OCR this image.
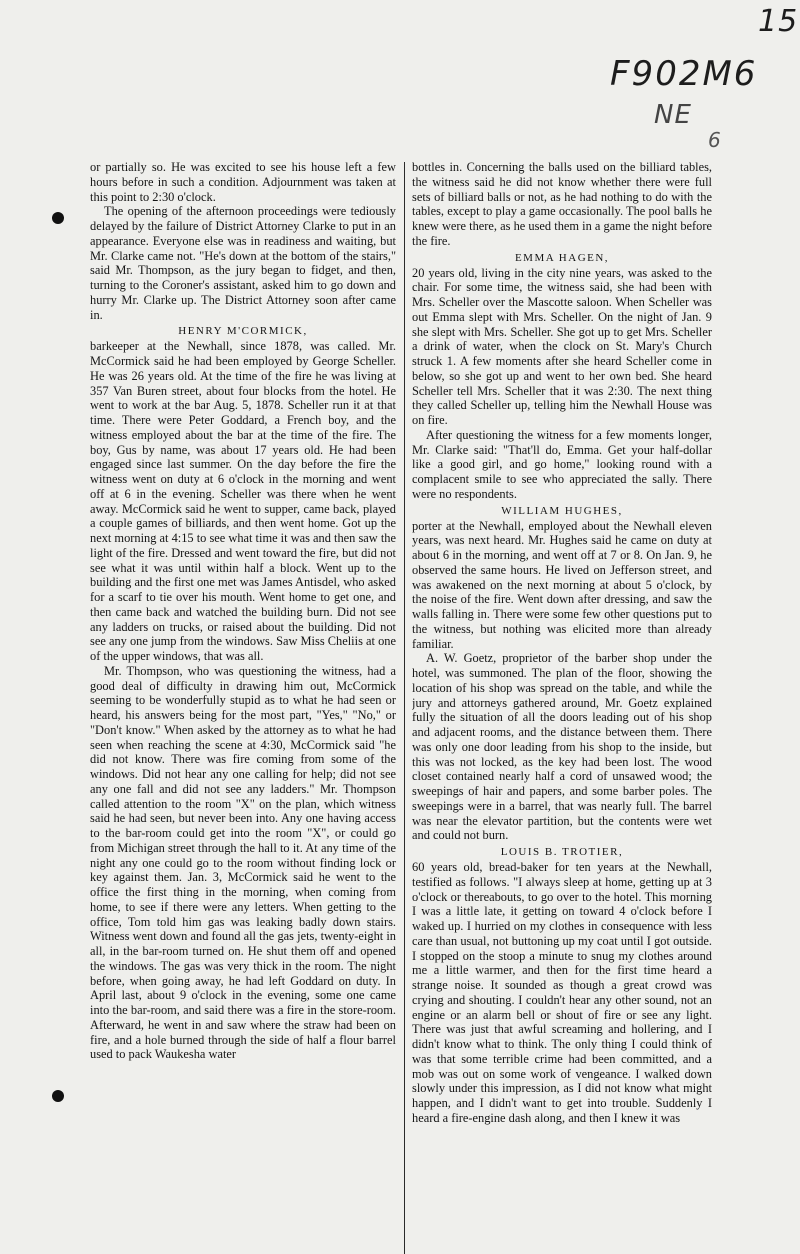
15
F902M6
NE
6

or partially so. He was excited to see his house left a few hours before in such a condition. Adjournment was taken at this point to 2:30 o'clock.

The opening of the afternoon proceedings were tediously delayed by the failure of District Attorney Clarke to put in an appearance. Everyone else was in readiness and waiting, but Mr. Clarke came not. "He's down at the bottom of the stairs," said Mr. Thompson, as the jury began to fidget, and then, turning to the Coroner's assistant, asked him to go down and hurry Mr. Clarke up. The District Attorney soon after came in.

HENRY M'CORMICK,

barkeeper at the Newhall, since 1878, was called. Mr. McCormick said he had been employed by George Scheller. He was 26 years old. At the time of the fire he was living at 357 Van Buren street, about four blocks from the hotel. He went to work at the bar Aug. 5, 1878. Scheller run it at that time. There were Peter Goddard, a French boy, and the witness employed about the bar at the time of the fire. The boy, Gus by name, was about 17 years old. He had been engaged since last summer. On the day before the fire the witness went on duty at 6 o'clock in the morning and went off at 6 in the evening. Scheller was there when he went away. McCormick said he went to supper, came back, played a couple games of billiards, and then went home. Got up the next morning at 4:15 to see what time it was and then saw the light of the fire. Dressed and went toward the fire, but did not see what it was until within half a block. Went up to the building and the first one met was James Antisdel, who asked for a scarf to tie over his mouth. Went home to get one, and then came back and watched the building burn. Did not see any ladders on trucks, or raised about the building. Did not see any one jump from the windows. Saw Miss Cheliis at one of the upper windows, that was all.

Mr. Thompson, who was questioning the witness, had a good deal of difficulty in drawing him out, McCormick seeming to be wonderfully stupid as to what he had seen or heard, his answers being for the most part, "Yes," "No," or "Don't know." When asked by the attorney as to what he had seen when reaching the scene at 4:30, McCormick said "he did not know. There was fire coming from some of the windows. Did not hear any one calling for help; did not see any one fall and did not see any ladders." Mr. Thompson called attention to the room "X" on the plan, which witness said he had seen, but never been into. Any one having access to the bar-room could get into the room "X", or could go from Michigan street through the hall to it. At any time of the night any one could go to the room without finding lock or key against them. Jan. 3, McCormick said he went to the office the first thing in the morning, when coming from home, to see if there were any letters. When getting to the office, Tom told him gas was leaking badly down stairs. Witness went down and found all the gas jets, twenty-eight in all, in the bar-room turned on. He shut them off and opened the windows. The gas was very thick in the room. The night before, when going away, he had left Goddard on duty. In April last, about 9 o'clock in the evening, some one came into the bar-room, and said there was a fire in the store-room. Afterward, he went in and saw where the straw had been on fire, and a hole burned through the side of half a flour barrel used to pack Waukesha water

bottles in. Concerning the balls used on the billiard tables, the witness said he did not know whether there were full sets of billiard balls or not, as he had nothing to do with the tables, except to play a game occasionally. The pool balls he knew were there, as he used them in a game the night before the fire.

EMMA HAGEN,

20 years old, living in the city nine years, was asked to the chair. For some time, the witness said, she had been with Mrs. Scheller over the Mascotte saloon. When Scheller was out Emma slept with Mrs. Scheller. On the night of Jan. 9 she slept with Mrs. Scheller. She got up to get Mrs. Scheller a drink of water, when the clock on St. Mary's Church struck 1. A few moments after she heard Scheller come in below, so she got up and went to her own bed. She heard Scheller tell Mrs. Scheller that it was 2:30. The next thing they called Scheller up, telling him the Newhall House was on fire.

After questioning the witness for a few moments longer, Mr. Clarke said: "That'll do, Emma. Get your half-dollar like a good girl, and go home," looking round with a complacent smile to see who appreciated the sally. There were no respondents.

WILLIAM HUGHES,

porter at the Newhall, employed about the Newhall eleven years, was next heard. Mr. Hughes said he came on duty at about 6 in the morning, and went off at 7 or 8. On Jan. 9, he observed the same hours. He lived on Jefferson street, and was awakened on the next morning at about 5 o'clock, by the noise of the fire. Went down after dressing, and saw the walls falling in. There were some few other questions put to the witness, but nothing was elicited more than already familiar.

A. W. Goetz, proprietor of the barber shop under the hotel, was summoned. The plan of the floor, showing the location of his shop was spread on the table, and while the jury and attorneys gathered around, Mr. Goetz explained fully the situation of all the doors leading out of his shop and adjacent rooms, and the distance between them. There was only one door leading from his shop to the inside, but this was not locked, as the key had been lost. The wood closet contained nearly half a cord of unsawed wood; the sweepings of hair and papers, and some barber poles. The sweepings were in a barrel, that was nearly full. The barrel was near the elevator partition, but the contents were wet and could not burn.

LOUIS B. TROTIER,

60 years old, bread-baker for ten years at the Newhall, testified as follows. "I always sleep at home, getting up at 3 o'clock or thereabouts, to go over to the hotel. This morning I was a little late, it getting on toward 4 o'clock before I waked up. I hurried on my clothes in consequence with less care than usual, not buttoning up my coat until I got outside. I stopped on the stoop a minute to snug my clothes around me a little warmer, and then for the first time heard a strange noise. It sounded as though a great crowd was crying and shouting. I couldn't hear any other sound, not an engine or an alarm bell or shout of fire or see any light. There was just that awful screaming and hollering, and I didn't know what to think. The only thing I could think of was that some terrible crime had been committed, and a mob was out on some work of vengeance. I walked down slowly under this impression, as I did not know what might happen, and I didn't want to get into trouble. Suddenly I heard a fire-engine dash along, and then I knew it was
